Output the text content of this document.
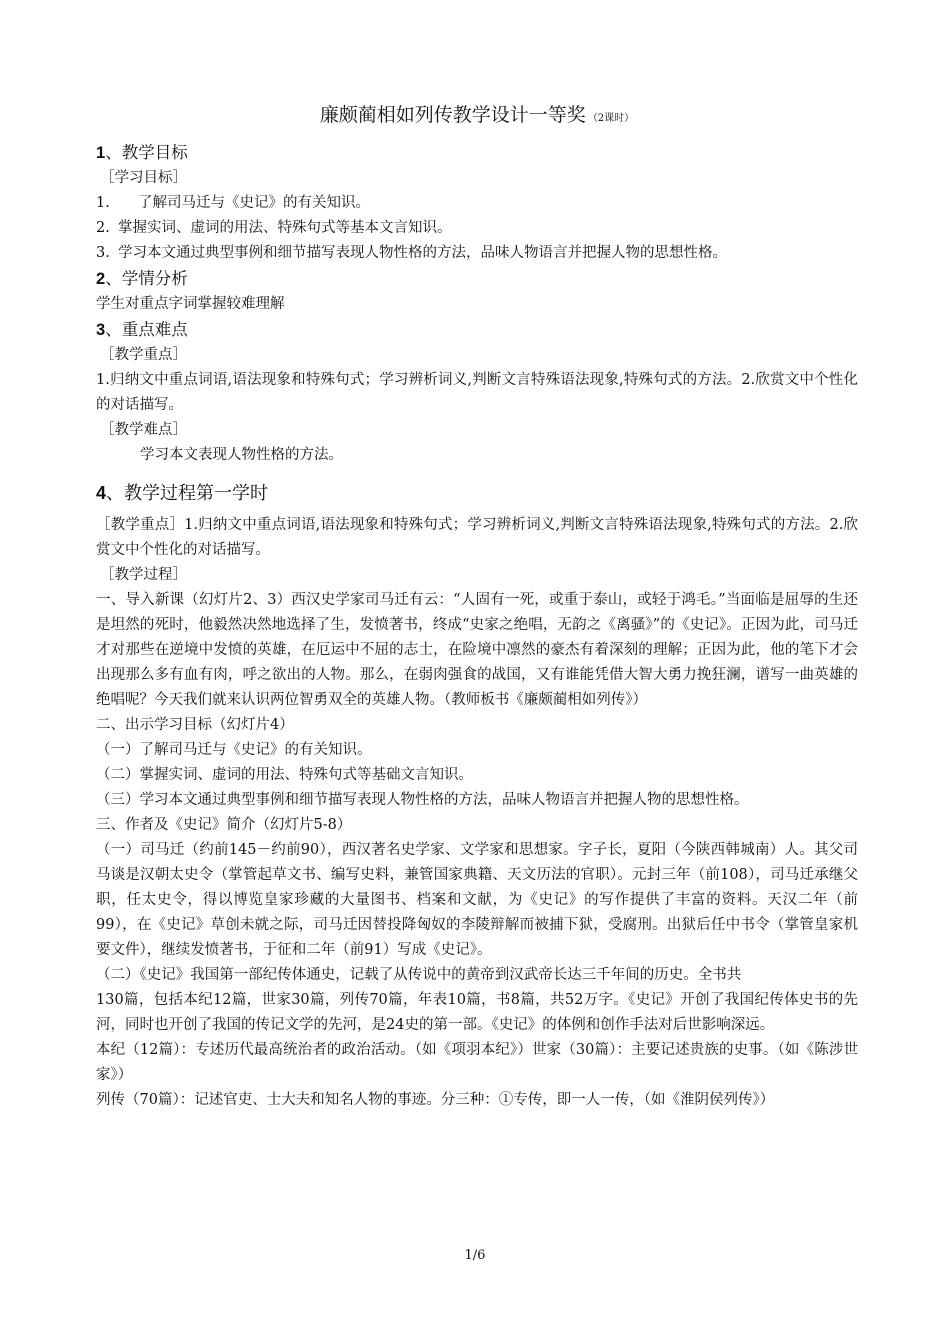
廉颇蔺相如列传教学设计一等奖 （2课时）
1、教学目标

［学习目标］

1.	了解司马迁与《史记》的有关知识。

2. 掌握实词、虚词的用法、特殊句式等基本文言知识。

3. 学习本文通过典型事例和细节描写表现人物性格的方法，品味人物语言并把握人物的思想性格。

2、学情分析

学生对重点字词掌握较难理解

3、重点难点

［教学重点］

1.归纳文中重点词语,语法现象和特殊句式；学习辨析词义,判断文言特殊语法现象,特殊句式的方法。2.欣赏文中个性化的对话描写。

［教学难点］

学习本文表现人物性格的方法。

4、教学过程第一学时

［教学重点］1.归纳文中重点词语,语法现象和特殊句式；学习辨析词义,判断文言特殊语法现象,特殊句式的方法。2.欣赏文中个性化的对话描写。

［教学过程］

一、导入新课（幻灯片2、3）西汉史学家司马迁有云：“人固有一死，或重于泰山，或轻于鸿毛。”当面临是屈辱的生还是坦然的死时，他毅然决然地选择了生，发愤著书，终成“史家之绝唱，无韵之《离骚》”的《史记》。正因为此，司马迁才对那些在逆境中发愤的英雄，在厄运中不屈的志士，在险境中凛然的豪杰有着深刻的理解；正因为此，他的笔下才会出现那么多有血有肉，呼之欲出的人物。那么，在弱肉强食的战国，又有谁能凭借大智大勇力挽狂澜，谱写一曲英雄的绝唱呢？今天我们就来认识两位智勇双全的英雄人物。（教师板书《廉颇蔺相如列传》）

二、出示学习目标（幻灯片4）

（一）了解司马迁与《史记》的有关知识。

（二）掌握实词、虚词的用法、特殊句式等基础文言知识。

（三）学习本文通过典型事例和细节描写表现人物性格的方法，品味人物语言并把握人物的思想性格。

三、作者及《史记》简介（幻灯片5-8）

（一）司马迁（约前145－约前90），西汉著名史学家、文学家和思想家。字子长，夏阳（今陕西韩城南）人。其父司马谈是汉朝太史令（掌管起草文书、编写史料，兼管国家典籍、天文历法的官职）。元封三年（前108），司马迁承继父职，任太史令，得以博览皇家珍藏的大量图书、档案和文献，为《史记》的写作提供了丰富的资料。天汉二年（前99），在《史记》草创未就之际，司马迁因替投降匈奴的李陵辩解而被捕下狱，受腐刑。出狱后任中书令（掌管皇家机要文件），继续发愤著书，于征和二年（前91）写成《史记》。

（二）《史记》我国第一部纪传体通史，记载了从传说中的黄帝到汉武帝长达三千年间的历史。全书共

130篇，包括本纪12篇，世家30篇，列传70篇，年表10篇，书8篇，共52万字。《史记》开创了我国纪传体史书的先河，同时也开创了我国的传记文学的先河，是24史的第一部。《史记》的体例和创作手法对后世影响深远。

本纪（12篇）：专述历代最高统治者的政治活动。（如《项羽本纪》）世家（30篇）：主要记述贵族的史事。（如《陈涉世家》）

列传（70篇）：记述官吏、士大夫和知名人物的事迹。分三种：①专传，即一人一传，（如《淮阴侯列传》）

1/6
